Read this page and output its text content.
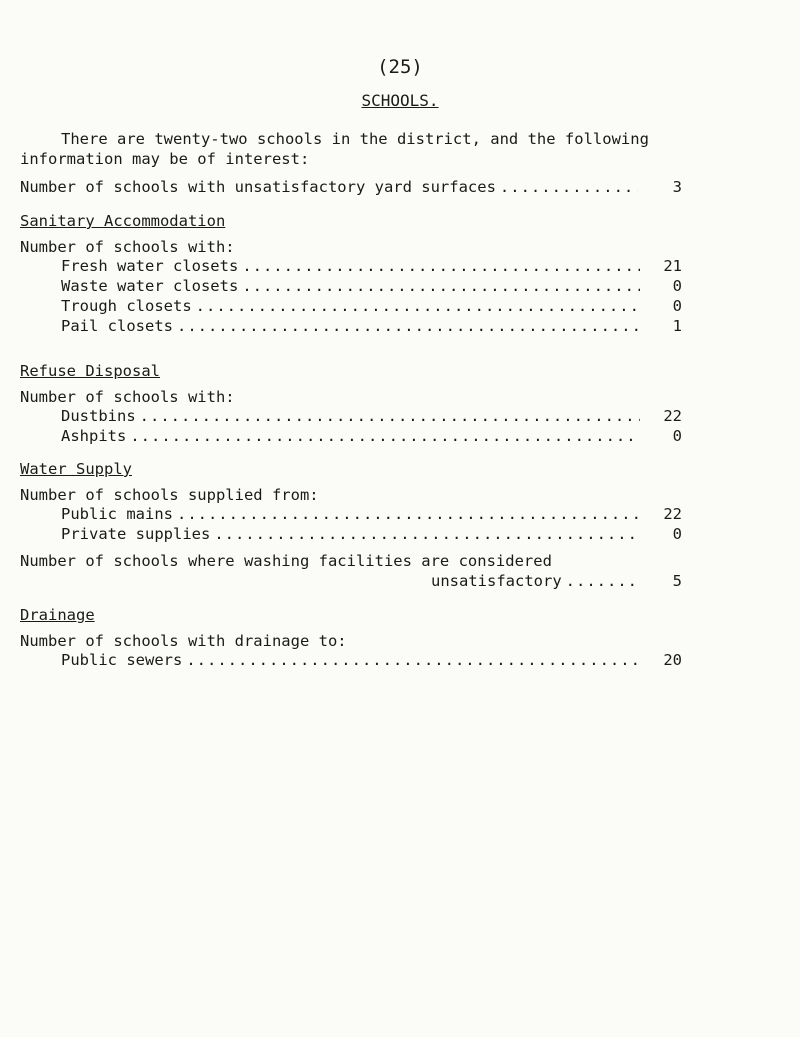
(25)
SCHOOLS.
There are twenty-two schools in the district, and the following
information may be of interest:
Number of schools with unsatisfactory yard surfaces .....	3
Sanitary Accommodation
Number of schools with:
Fresh water closets .....	21
Waste water closets .....	0
Trough closets .....	0
Pail closets .....	1
Refuse Disposal
Number of schools with:
Dustbins .....	22
Ashpits .....	0
Water Supply
Number of schools supplied from:
Public mains .....	22
Private supplies .....	0
Number of schools where washing facilities are considered
unsatisfactory .....	5
Drainage
Number of schools with drainage to:
Public sewers .....	20
